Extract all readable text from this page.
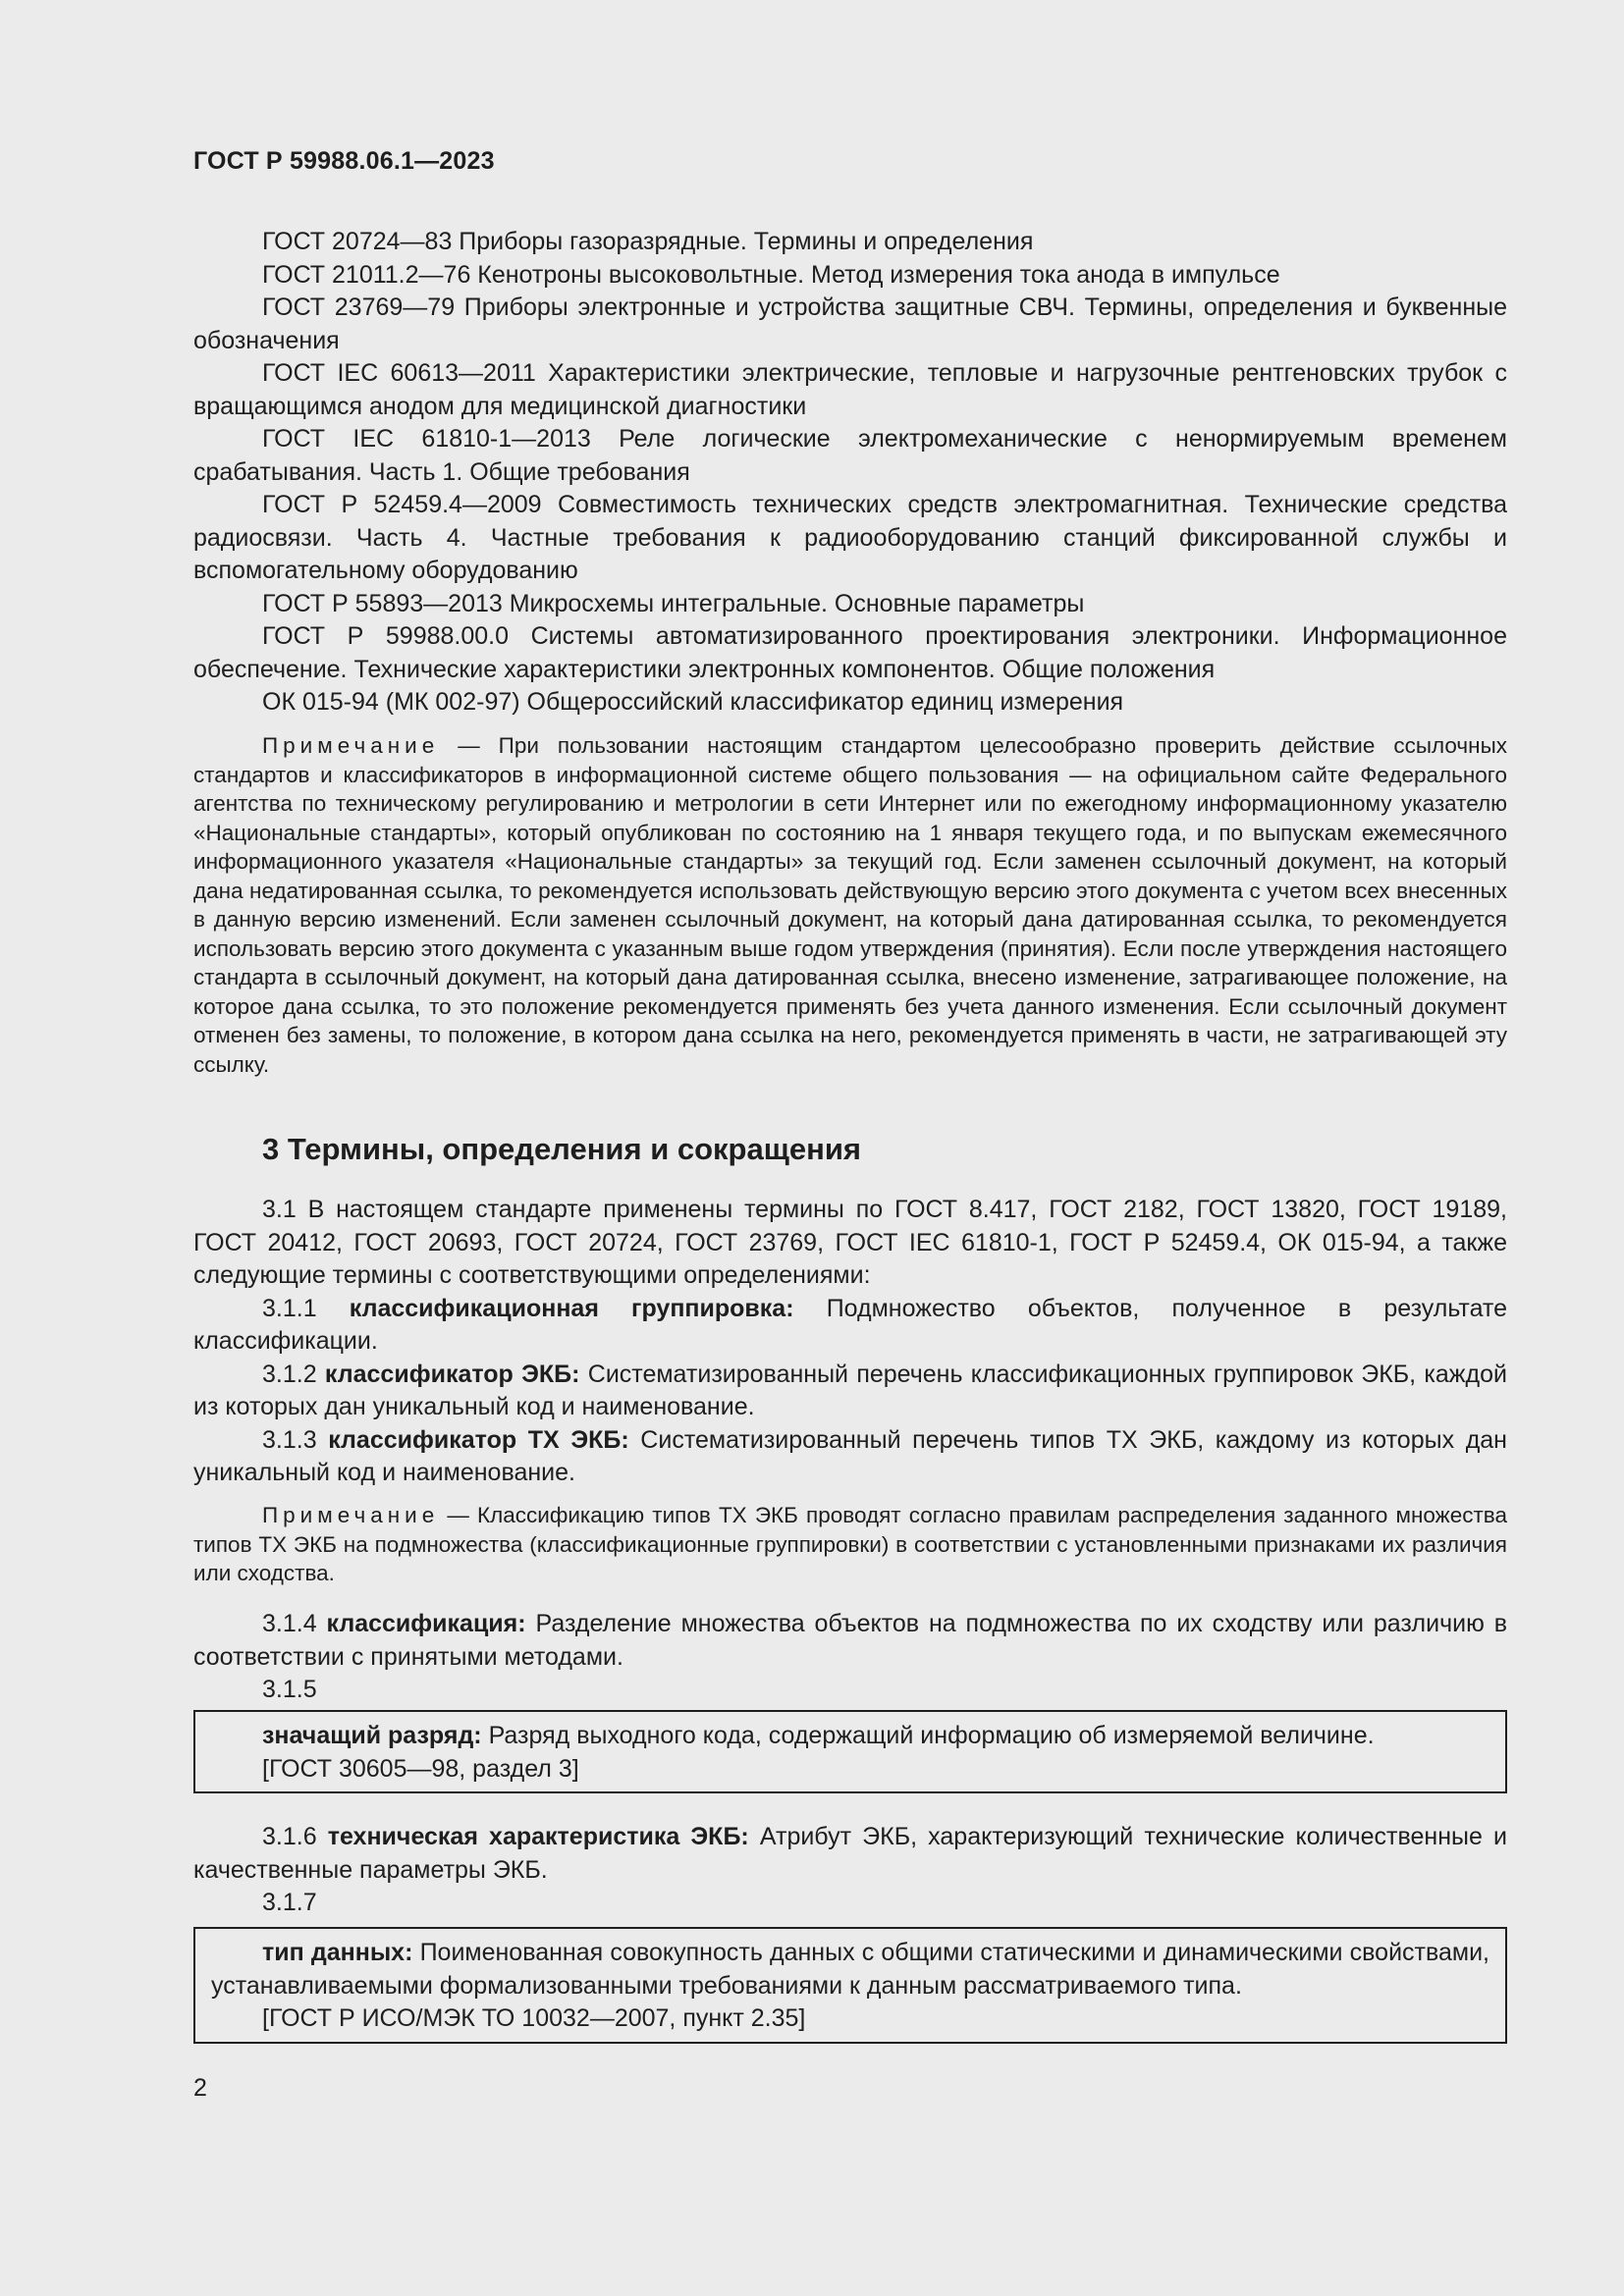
ГОСТ Р 59988.06.1—2023

ГОСТ 20724—83 Приборы газоразрядные. Термины и определения

ГОСТ 21011.2—76 Кенотроны высоковольтные. Метод измерения тока анода в импульсе

ГОСТ 23769—79 Приборы электронные и устройства защитные СВЧ. Термины, определения и буквенные обозначения

ГОСТ IEC 60613—2011 Характеристики электрические, тепловые и нагрузочные рентгеновских трубок с вращающимся анодом для медицинской диагностики

ГОСТ IEC 61810-1—2013 Реле логические электромеханические с ненормируемым временем срабатывания. Часть 1. Общие требования

ГОСТ Р 52459.4—2009 Совместимость технических средств электромагнитная. Технические средства радиосвязи. Часть 4. Частные требования к радиооборудованию станций фиксированной службы и вспомогательному оборудованию

ГОСТ Р 55893—2013 Микросхемы интегральные. Основные параметры

ГОСТ Р 59988.00.0 Системы автоматизированного проектирования электроники. Информационное обеспечение. Технические характеристики электронных компонентов. Общие положения

ОК 015-94 (МК 002-97) Общероссийский классификатор единиц измерения

Примечание — При пользовании настоящим стандартом целесообразно проверить действие ссылочных стандартов и классификаторов в информационной системе общего пользования — на официальном сайте Федерального агентства по техническому регулированию и метрологии в сети Интернет или по ежегодному информационному указателю «Национальные стандарты», который опубликован по состоянию на 1 января текущего года, и по выпускам ежемесячного информационного указателя «Национальные стандарты» за текущий год. Если заменен ссылочный документ, на который дана недатированная ссылка, то рекомендуется использовать действующую версию этого документа с учетом всех внесенных в данную версию изменений. Если заменен ссылочный документ, на который дана датированная ссылка, то рекомендуется использовать версию этого документа с указанным выше годом утверждения (принятия). Если после утверждения настоящего стандарта в ссылочный документ, на который дана датированная ссылка, внесено изменение, затрагивающее положение, на которое дана ссылка, то это положение рекомендуется применять без учета данного изменения. Если ссылочный документ отменен без замены, то положение, в котором дана ссылка на него, рекомендуется применять в части, не затрагивающей эту ссылку.

3 Термины, определения и сокращения

3.1 В настоящем стандарте применены термины по ГОСТ 8.417, ГОСТ 2182, ГОСТ 13820, ГОСТ 19189, ГОСТ 20412, ГОСТ 20693, ГОСТ 20724, ГОСТ 23769, ГОСТ IEC 61810-1, ГОСТ Р 52459.4, ОК 015-94, а также следующие термины с соответствующими определениями:

3.1.1 классификационная группировка: Подмножество объектов, полученное в результате классификации.

3.1.2 классификатор ЭКБ: Систематизированный перечень классификационных группировок ЭКБ, каждой из которых дан уникальный код и наименование.

3.1.3 классификатор ТХ ЭКБ: Систематизированный перечень типов ТХ ЭКБ, каждому из которых дан уникальный код и наименование.

Примечание — Классификацию типов ТХ ЭКБ проводят согласно правилам распределения заданного множества типов ТХ ЭКБ на подмножества (классификационные группировки) в соответствии с установленными признаками их различия или сходства.

3.1.4 классификация: Разделение множества объектов на подмножества по их сходству или различию в соответствии с принятыми методами.

3.1.5

значащий разряд: Разряд выходного кода, содержащий информацию об измеряемой величине.

[ГОСТ 30605—98, раздел 3]

3.1.6 техническая характеристика ЭКБ: Атрибут ЭКБ, характеризующий технические количественные и качественные параметры ЭКБ.

3.1.7

тип данных: Поименованная совокупность данных с общими статическими и динамическими свойствами, устанавливаемыми формализованными требованиями к данным рассматриваемого типа.

[ГОСТ Р ИСО/МЭК ТО 10032—2007, пункт 2.35]

2
